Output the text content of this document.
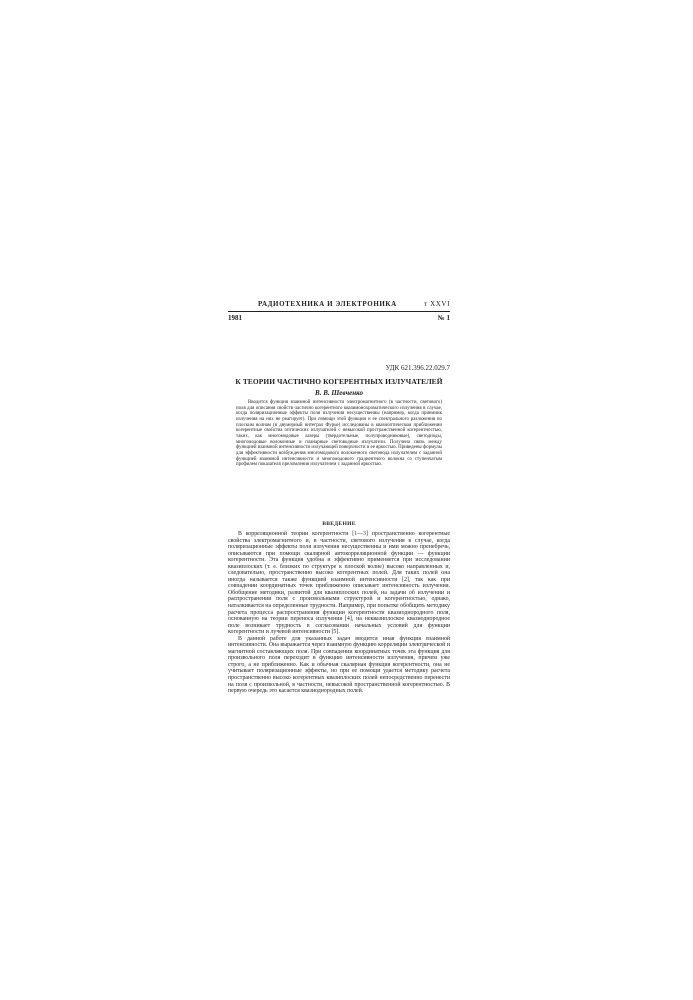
РАДИОТЕХНИКА И ЭЛЕКТРОНИКА	т XXVI
1981	№ 1
УДК 621.396.22.029.7
К ТЕОРИИ ЧАСТИЧНО КОГЕРЕНТНЫХ ИЗЛУЧАТЕЛЕЙ
В. В. Шевченко

Вводится функция взаимной интенсивности электромагнитного (в частности, светового) поля для описания свойств частично когерентного квазимонохроматического излучения в случае, когда поляризационные эффекты поля излучения несущественны (например, когда приемник излучения на них не реагирует). При помощи этой функции и ее спектрального разложения по плоским волнам (в двумерный интеграл Фурье) исследованы в квазиоптическом приближении когерентные свойства оптических излучателей с невысокой пространственной когерентностью, таких, как многомодовые лазеры (твердотельные, полупроводниковые), светодиоды, многомодовые волоконные и планарные световодные излучатели. Получена связь между функцией взаимной интенсивности излучающей поверхности и ее яркостью. Приведены формулы для эффективности возбуждения многомодового волоконного световода излучателем с заданной функцией взаимной интенсивности и многомодового градиентного волокна со ступенчатым профилем показателя преломления излучателем с заданной яркостью.

ВВЕДЕНИЕ

В корреляционной теории когерентности [1—3] пространственно когерентные свойства электромагнитного и, в частности, светового излучения в случае, когда поляризационные эффекты поля излучения несущественны и ими можно пренебречь, описываются при помощи скалярной автокорреляционной функции — функции когерентности. Эта функция удобна и эффективно применяется при исследовании квазиплоских (т. е. близких по структуре к плоской волне) высоко направленных и, следовательно, пространственно высоко когерентных полей. Для таких полей она иногда называется также функцией взаимной интенсивности [2], так как при совпадении координатных точек приближенно описывает интенсивность излучения. Обобщение методики, развитой для квазиплоских полей, на задачи об излучении и распространении поля с произвольными структурой и когерентностью, однако, наталкивается на определенные трудности. Например, при попытке обобщить методику расчета процесса распространения функции когерентности квазиоднородного поля, основанную на теории переноса излучения [4], на неквазиплоское квазиоднородное поле возникает трудность в согласовании начальных условий для функции когерентности и лучевой интенсивности [5].

В данной работе для указанных задач вводится иная функция взаимной интенсивности. Она выражается через взаимную функцию корреляции электрической и магнитной составляющих поля. При совпадении координатных точек эта функция для произвольного поля переходит в функцию интенсивности излучения, причем уже строго, а не приближенно. Как и обычная скалярная функция когерентности, она не учитывает поляризационные эффекты, но при ее помощи удается методику расчета пространственно высоко когерентных квазиплоских полей непосредственно перенести на поля с произвольной, в частности, невысокой пространственной когерентностью. В первую очередь это касается квазиоднородных полей.
